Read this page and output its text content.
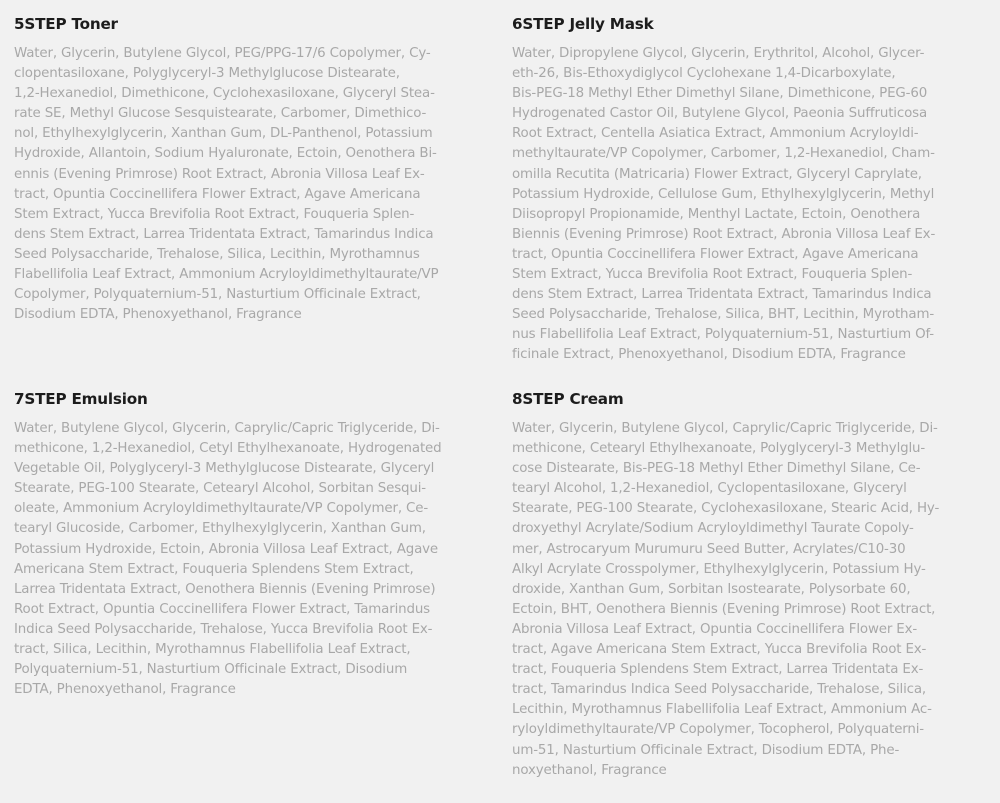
5STEP Toner

Water, Glycerin, Butylene Glycol, PEG/PPG-17/6 Copolymer, Cy-
clopentasiloxane, Polyglyceryl-3 Methylglucose Distearate,
1,2-Hexanediol, Dimethicone, Cyclohexasiloxane, Glyceryl Stea-
rate SE, Methyl Glucose Sesquistearate, Carbomer, Dimethico-
nol, Ethylhexylglycerin, Xanthan Gum, DL-Panthenol, Potassium
Hydroxide, Allantoin, Sodium Hyaluronate, Ectoin, Oenothera Bi-
ennis (Evening Primrose) Root Extract, Abronia Villosa Leaf Ex-
tract, Opuntia Coccinellifera Flower Extract, Agave Americana
Stem Extract, Yucca Brevifolia Root Extract, Fouqueria Splen-
dens Stem Extract, Larrea Tridentata Extract, Tamarindus Indica
Seed Polysaccharide, Trehalose, Silica, Lecithin, Myrothamnus
Flabellifolia Leaf Extract, Ammonium Acryloyldimethyltaurate/VP
Copolymer, Polyquaternium-51, Nasturtium Officinale Extract,
Disodium EDTA, Phenoxyethanol, Fragrance

6STEP Jelly Mask

Water, Dipropylene Glycol, Glycerin, Erythritol, Alcohol, Glycer-
eth-26, Bis-Ethoxydiglycol Cyclohexane 1,4-Dicarboxylate,
Bis-PEG-18 Methyl Ether Dimethyl Silane, Dimethicone, PEG-60
Hydrogenated Castor Oil, Butylene Glycol, Paeonia Suffruticosa
Root Extract, Centella Asiatica Extract, Ammonium Acryloyldi-
methyltaurate/VP Copolymer, Carbomer, 1,2-Hexanediol, Cham-
omilla Recutita (Matricaria) Flower Extract, Glyceryl Caprylate,
Potassium Hydroxide, Cellulose Gum, Ethylhexylglycerin, Methyl
Diisopropyl Propionamide, Menthyl Lactate, Ectoin, Oenothera
Biennis (Evening Primrose) Root Extract, Abronia Villosa Leaf Ex-
tract, Opuntia Coccinellifera Flower Extract, Agave Americana
Stem Extract, Yucca Brevifolia Root Extract, Fouqueria Splen-
dens Stem Extract, Larrea Tridentata Extract, Tamarindus Indica
Seed Polysaccharide, Trehalose, Silica, BHT, Lecithin, Myrotham-
nus Flabellifolia Leaf Extract, Polyquaternium-51, Nasturtium Of-
ficinale Extract, Phenoxyethanol, Disodium EDTA, Fragrance

7STEP Emulsion

Water, Butylene Glycol, Glycerin, Caprylic/Capric Triglyceride, Di-
methicone, 1,2-Hexanediol, Cetyl Ethylhexanoate, Hydrogenated
Vegetable Oil, Polyglyceryl-3 Methylglucose Distearate, Glyceryl
Stearate, PEG-100 Stearate, Cetearyl Alcohol, Sorbitan Sesqui-
oleate, Ammonium Acryloyldimethyltaurate/VP Copolymer, Ce-
tearyl Glucoside, Carbomer, Ethylhexylglycerin, Xanthan Gum,
Potassium Hydroxide, Ectoin, Abronia Villosa Leaf Extract, Agave
Americana Stem Extract, Fouqueria Splendens Stem Extract,
Larrea Tridentata Extract, Oenothera Biennis (Evening Primrose)
Root Extract, Opuntia Coccinellifera Flower Extract, Tamarindus
Indica Seed Polysaccharide, Trehalose, Yucca Brevifolia Root Ex-
tract, Silica, Lecithin, Myrothamnus Flabellifolia Leaf Extract,
Polyquaternium-51, Nasturtium Officinale Extract, Disodium
EDTA, Phenoxyethanol, Fragrance

8STEP Cream

Water, Glycerin, Butylene Glycol, Caprylic/Capric Triglyceride, Di-
methicone, Cetearyl Ethylhexanoate, Polyglyceryl-3 Methylglu-
cose Distearate, Bis-PEG-18 Methyl Ether Dimethyl Silane, Ce-
tearyl Alcohol, 1,2-Hexanediol, Cyclopentasiloxane, Glyceryl
Stearate, PEG-100 Stearate, Cyclohexasiloxane, Stearic Acid, Hy-
droxyethyl Acrylate/Sodium Acryloyldimethyl Taurate Copoly-
mer, Astrocaryum Murumuru Seed Butter, Acrylates/C10-30
Alkyl Acrylate Crosspolymer, Ethylhexylglycerin, Potassium Hy-
droxide, Xanthan Gum, Sorbitan Isostearate, Polysorbate 60,
Ectoin, BHT, Oenothera Biennis (Evening Primrose) Root Extract,
Abronia Villosa Leaf Extract, Opuntia Coccinellifera Flower Ex-
tract, Agave Americana Stem Extract, Yucca Brevifolia Root Ex-
tract, Fouqueria Splendens Stem Extract, Larrea Tridentata Ex-
tract, Tamarindus Indica Seed Polysaccharide, Trehalose, Silica,
Lecithin, Myrothamnus Flabellifolia Leaf Extract, Ammonium Ac-
ryloyldimethyltaurate/VP Copolymer, Tocopherol, Polyquaterni-
um-51, Nasturtium Officinale Extract, Disodium EDTA, Phe-
noxyethanol, Fragrance
